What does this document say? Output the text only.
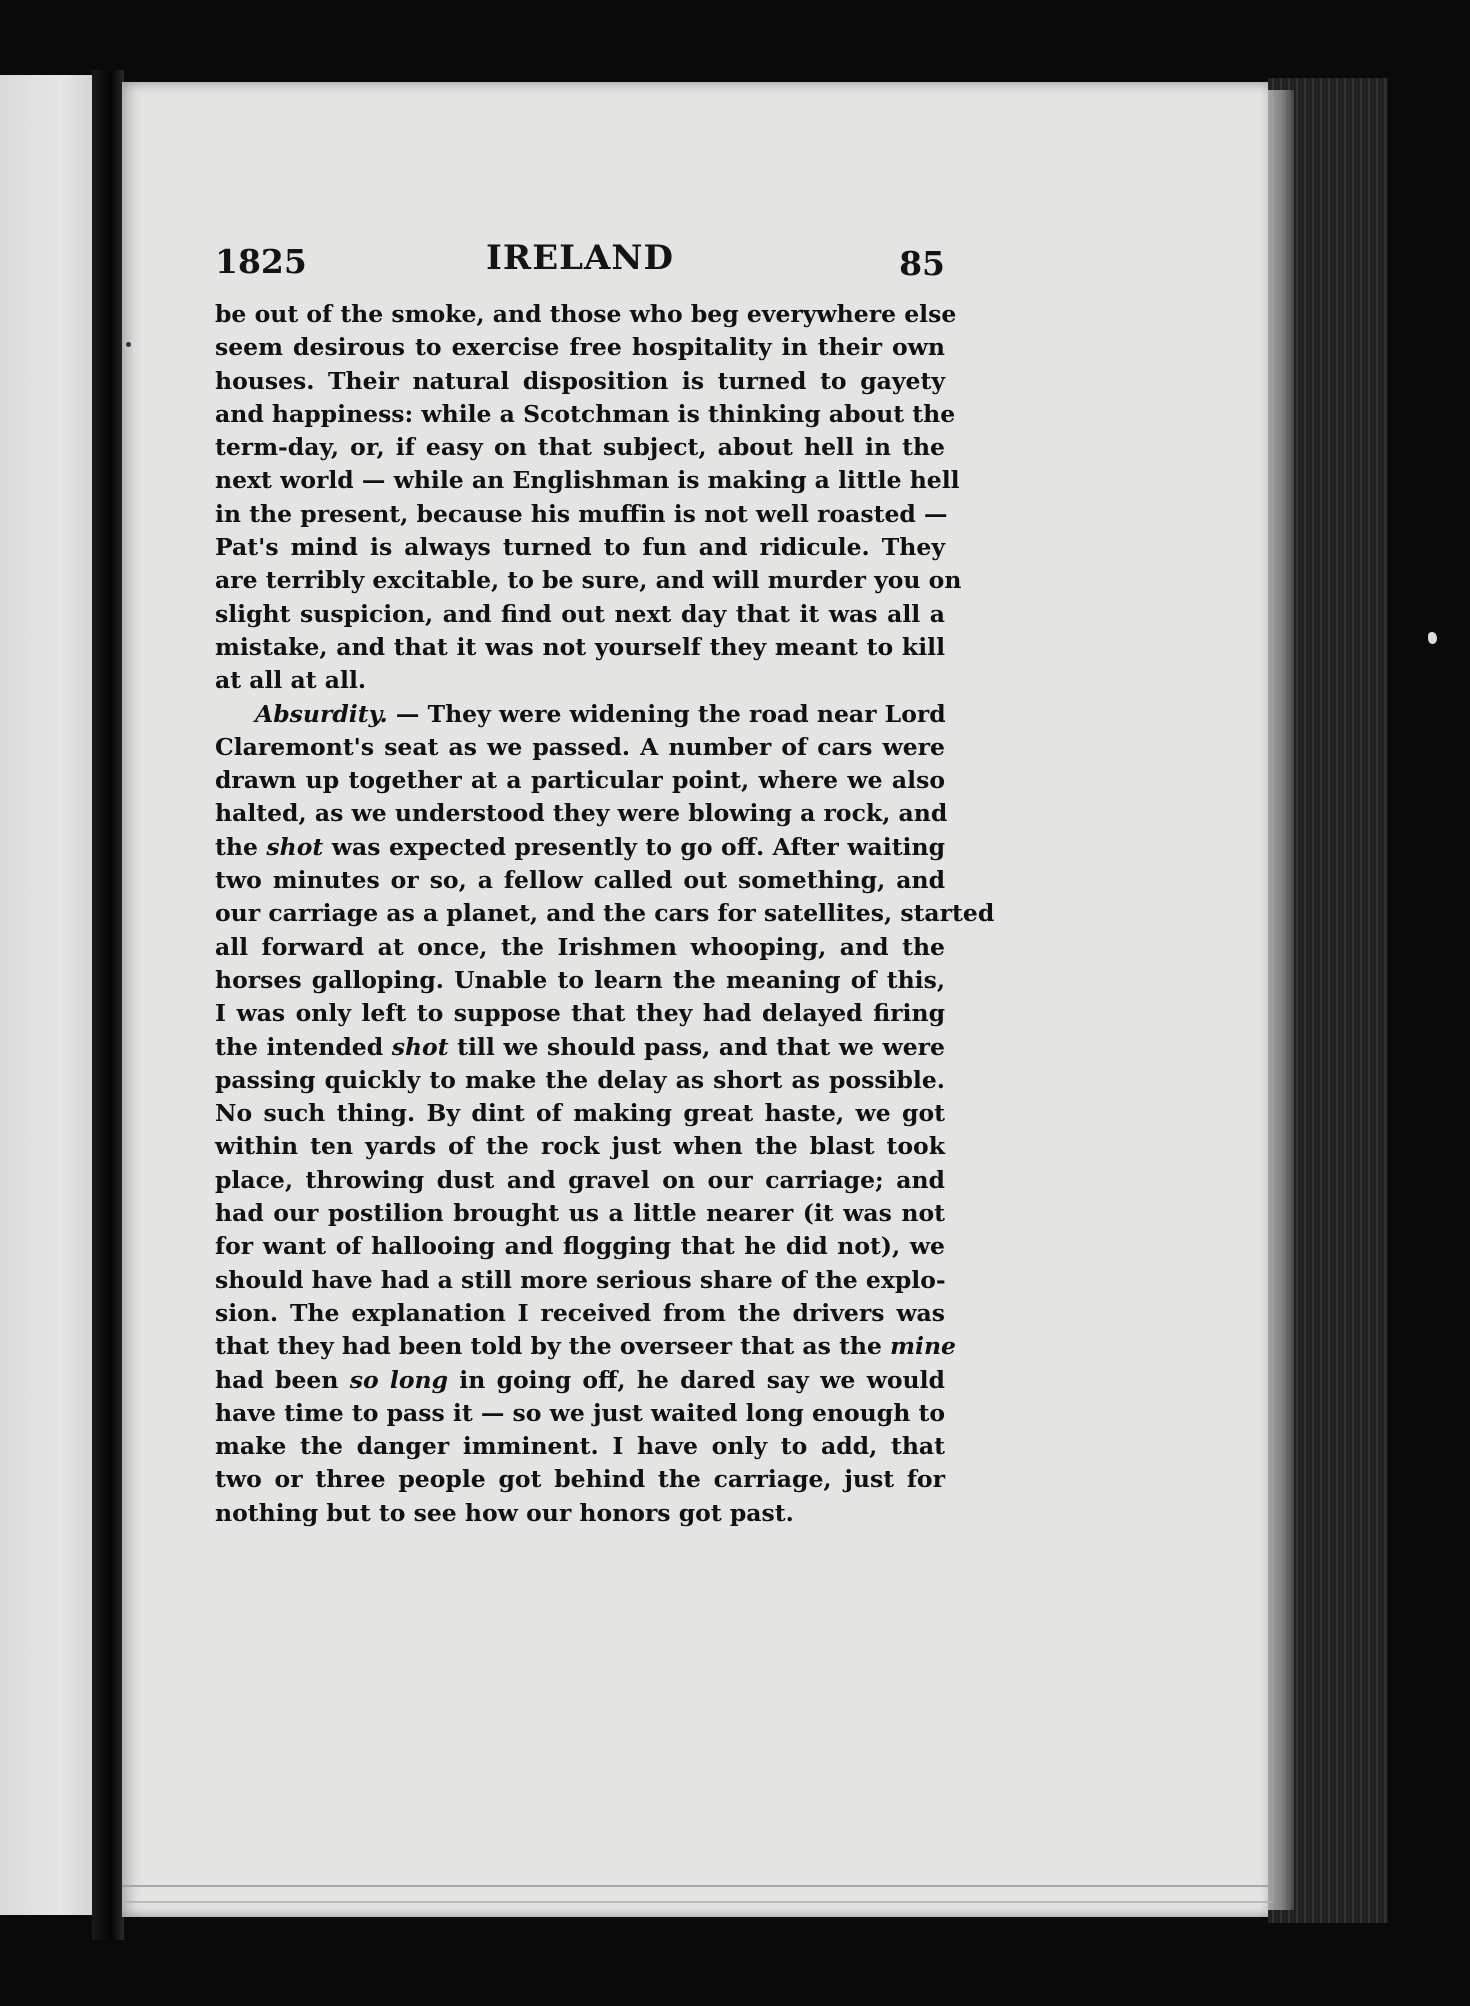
1825	IRELAND	85
be out of the smoke, and those who beg everywhere else
seem desirous to exercise free hospitality in their own
houses. Their natural disposition is turned to gayety
and happiness: while a Scotchman is thinking about the
term-day, or, if easy on that subject, about hell in the
next world — while an Englishman is making a little hell
in the present, because his muffin is not well roasted —
Pat's mind is always turned to fun and ridicule. They
are terribly excitable, to be sure, and will murder you on
slight suspicion, and find out next day that it was all a
mistake, and that it was not yourself they meant to kill
at all at all.
Absurdity. — They were widening the road near Lord
Claremont's seat as we passed. A number of cars were
drawn up together at a particular point, where we also
halted, as we understood they were blowing a rock, and
the shot was expected presently to go off. After waiting
two minutes or so, a fellow called out something, and
our carriage as a planet, and the cars for satellites, started
all forward at once, the Irishmen whooping, and the
horses galloping. Unable to learn the meaning of this,
I was only left to suppose that they had delayed firing
the intended shot till we should pass, and that we were
passing quickly to make the delay as short as possible.
No such thing. By dint of making great haste, we got
within ten yards of the rock just when the blast took
place, throwing dust and gravel on our carriage; and
had our postilion brought us a little nearer (it was not
for want of hallooing and flogging that he did not), we
should have had a still more serious share of the explo-
sion. The explanation I received from the drivers was
that they had been told by the overseer that as the mine
had been so long in going off, he dared say we would
have time to pass it — so we just waited long enough to
make the danger imminent. I have only to add, that
two or three people got behind the carriage, just for
nothing but to see how our honors got past.
